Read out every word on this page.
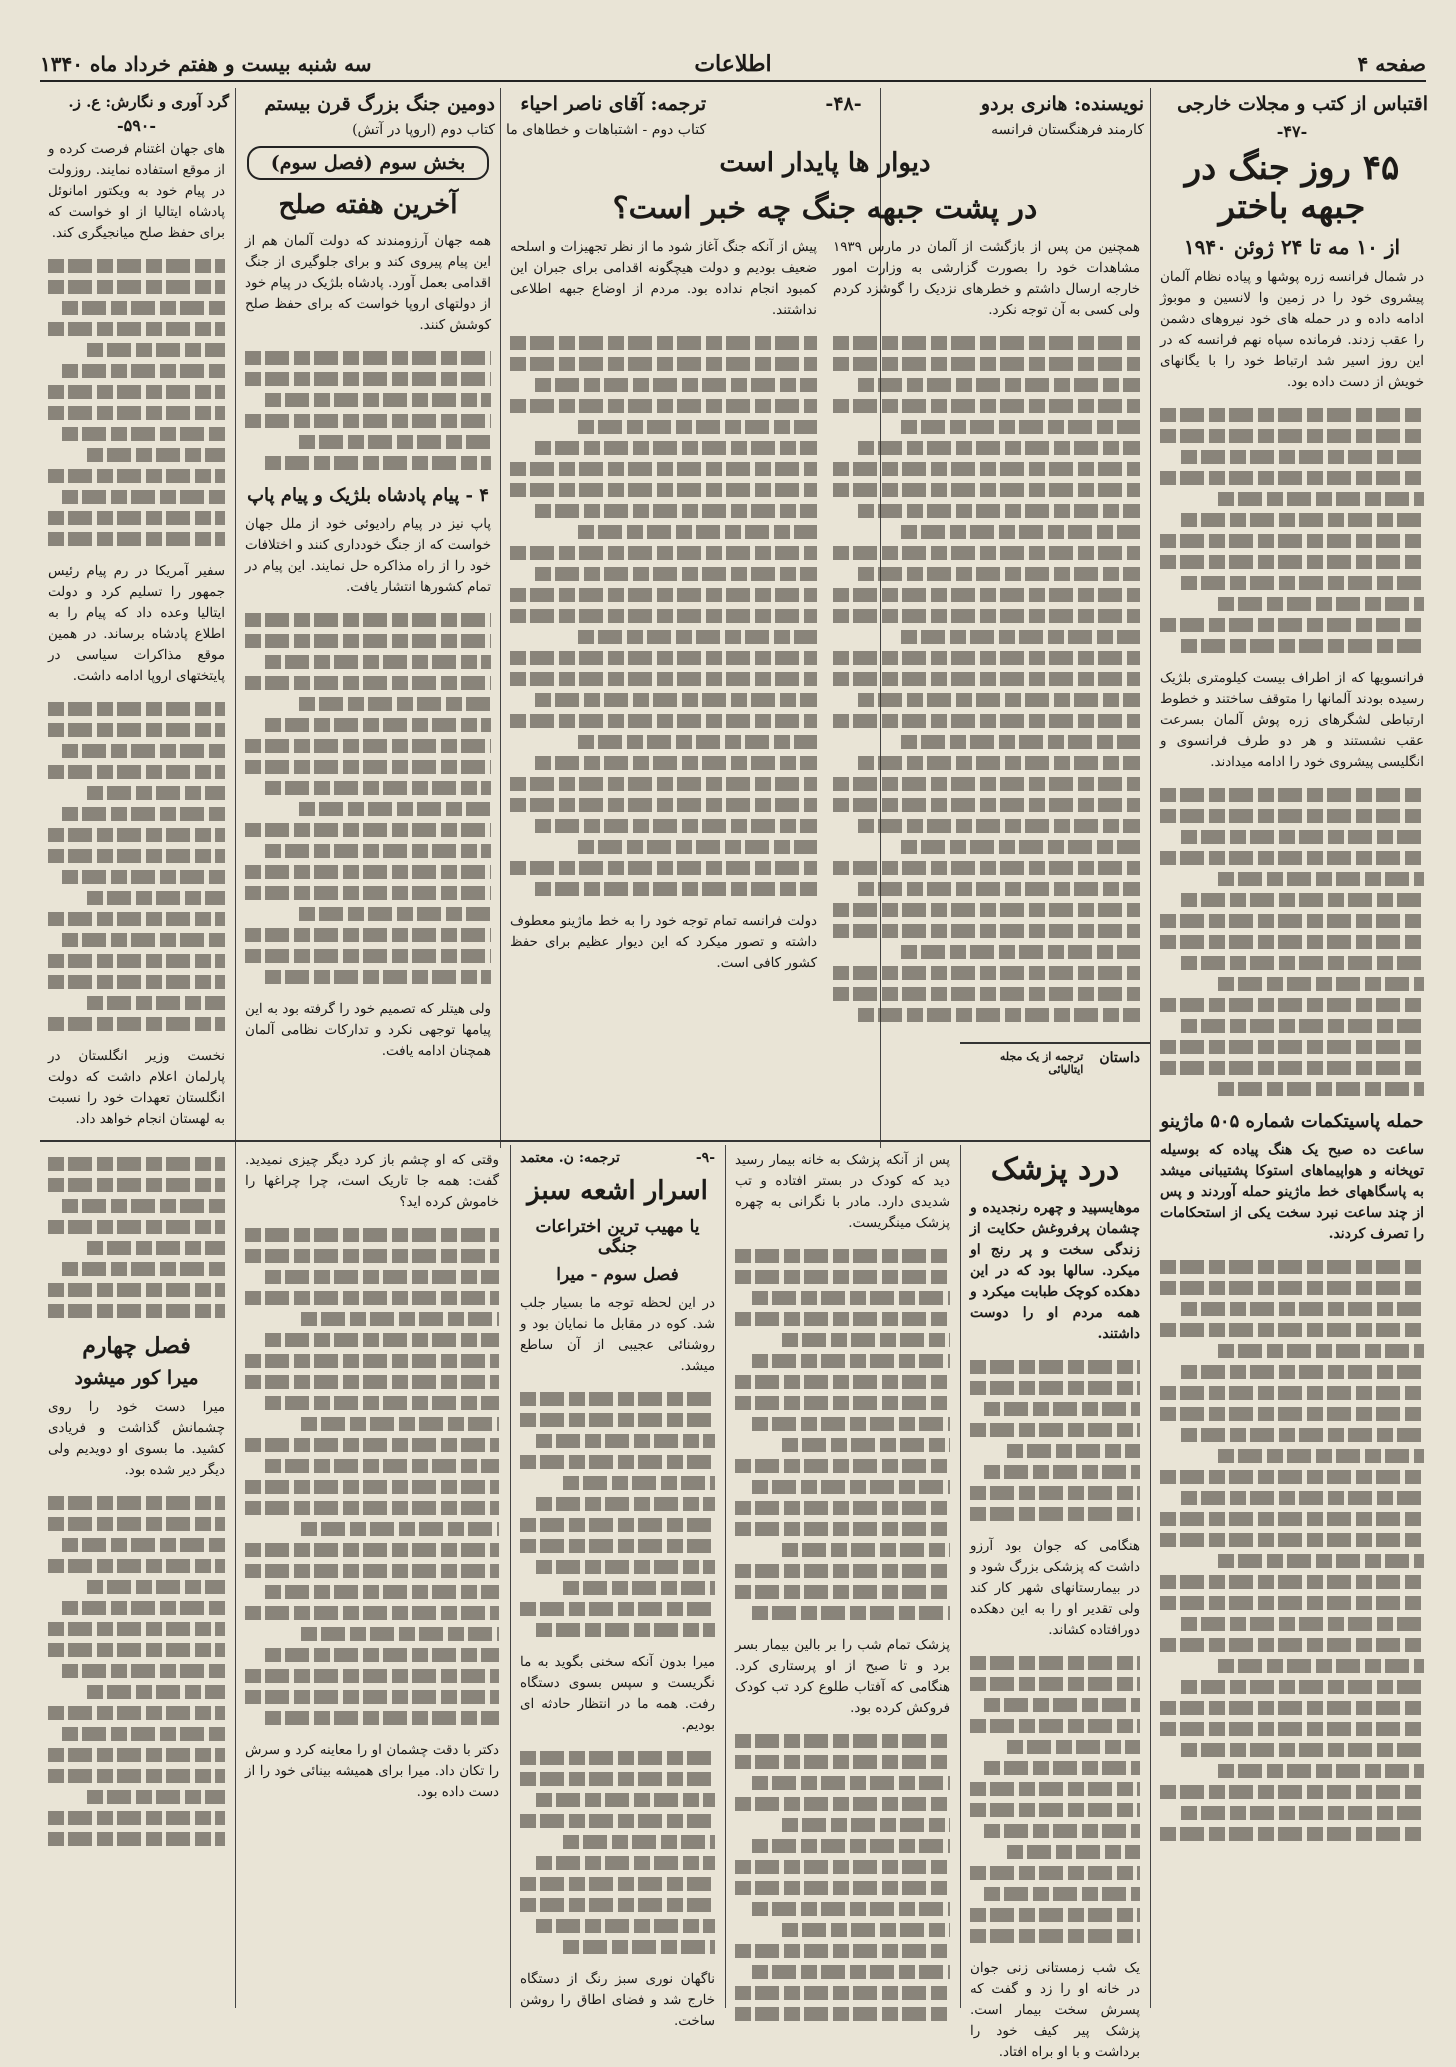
صفحه ۴
اطلاعات
سه شنبه بیست و هفتم خرداد ماه ۱۳۴۰
اقتباس از کتب و مجلات خارجی
-۴۷-
۴۵ روز جنگ در جبهه باختر
از ۱۰ مه تا ۲۴ ژوئن ۱۹۴۰

در شمال فرانسه زره پوشها و پیاده نظام آلمان پیشروی خود را در زمین وا لانسین و موبوژ ادامه داده و در حمله های خود نیروهای دشمن را عقب زدند. فرمانده سپاه نهم فرانسه که در این روز اسیر شد ارتباط خود را با یگانهای خویش از دست داده بود.

فرانسویها که از اطراف بیست کیلومتری بلژیک رسیده بودند آلمانها را متوقف ساختند و خطوط ارتباطی لشگرهای زره پوش آلمان بسرعت عقب نشستند و هر دو طرف فرانسوی و انگلیسی پیشروی خود را ادامه میدادند.

حمله پاسیتکمات شماره ۵۰۵ ماژینو

ساعت ده صبح یک هنگ پیاده که بوسیله توپخانه و هواپیماهای استوکا پشتیبانی میشد به پاسگاههای خط ماژینو حمله آوردند و پس از چند ساعت نبرد سخت یکی از استحکامات را تصرف کردند.

نویسنده: هانری بردو
کارمند فرهنگستان فرانسه
-۴۸-
ترجمه: آقای ناصر احیاء
کتاب دوم - اشتباهات و خطاهای ما
دیوار ها پایدار است
در پشت جبهه جنگ چه خبر است؟

همچنین من پس از بازگشت از آلمان در مارس ۱۹۳۹ مشاهدات خود را بصورت گزارشی به وزارت امور خارجه ارسال داشتم و خطرهای نزدیک را گوشزد کردم ولی کسی به آن توجه نکرد.

پیش از آنکه جنگ آغاز شود ما از نظر تجهیزات و اسلحه ضعیف بودیم و دولت هیچگونه اقدامی برای جبران این کمبود انجام نداده بود. مردم از اوضاع جبهه اطلاعی نداشتند.

دولت فرانسه تمام توجه خود را به خط ماژینو معطوف داشته و تصور میکرد که این دیوار عظیم برای حفظ کشور کافی است.

دومین جنگ بزرگ قرن بیستم
کتاب دوم (اروپا در آتش)
بخش سوم (فصل سوم)
آخرین هفته صلح

همه جهان آرزومندند که دولت آلمان هم از این پیام پیروی کند و برای جلوگیری از جنگ اقدامی بعمل آورد. پادشاه بلژیک در پیام خود از دولتهای اروپا خواست که برای حفظ صلح کوشش کنند.

۴ - پیام پادشاه بلژیک و پیام پاپ

پاپ نیز در پیام رادیوئی خود از ملل جهان خواست که از جنگ خودداری کنند و اختلافات خود را از راه مذاکره حل نمایند. این پیام در تمام کشورها انتشار یافت.

ولی هیتلر که تصمیم خود را گرفته بود به این پیامها توجهی نکرد و تدارکات نظامی آلمان همچنان ادامه یافت.

گرد آوری و نگارش: ع. ز.
-۵۹۰-

های جهان اغتنام فرصت کرده و از موقع استفاده نمایند. روزولت در پیام خود به ویکتور امانوئل پادشاه ایتالیا از او خواست که برای حفظ صلح میانجیگری کند.

سفیر آمریکا در رم پیام رئیس جمهور را تسلیم کرد و دولت ایتالیا وعده داد که پیام را به اطلاع پادشاه برساند. در همین موقع مذاکرات سیاسی در پایتختهای اروپا ادامه داشت.

نخست وزیر انگلستان در پارلمان اعلام داشت که دولت انگلستان تعهدات خود را نسبت به لهستان انجام خواهد داد.

داستان
ترجمه از یک مجله ایتالیائی
درد پزشک

موهایسپید و چهره رنجدیده و چشمان پرفروغش حکایت از زندگی سخت و پر رنج او میکرد. سالها بود که در این دهکده کوچک طبابت میکرد و همه مردم او را دوست داشتند.

هنگامی که جوان بود آرزو داشت که پزشکی بزرگ شود و در بیمارستانهای شهر کار کند ولی تقدیر او را به این دهکده دورافتاده کشاند.

یک شب زمستانی زنی جوان در خانه او را زد و گفت که پسرش سخت بیمار است. پزشک پیر کیف خود را برداشت و با او براه افتاد.

پس از آنکه پزشک به خانه بیمار رسید دید که کودک در بستر افتاده و تب شدیدی دارد. مادر با نگرانی به چهره پزشک مینگریست.

پزشک تمام شب را بر بالین بیمار بسر برد و تا صبح از او پرستاری کرد. هنگامی که آفتاب طلوع کرد تب کودک فروکش کرده بود.

-۹-
ترجمه: ن. معتمد
اسرار اشعه سبز
یا مهیب ترین اختراعات جنگی
فصل سوم - میرا

در این لحظه توجه ما بسیار جلب شد. کوه در مقابل ما نمایان بود و روشنائی عجیبی از آن ساطع میشد.

میرا بدون آنکه سخنی بگوید به ما نگریست و سپس بسوی دستگاه رفت. همه ما در انتظار حادثه ای بودیم.

ناگهان نوری سبز رنگ از دستگاه خارج شد و فضای اطاق را روشن ساخت.

وقتی که او چشم باز کرد دیگر چیزی نمیدید. گفت: همه جا تاریک است، چرا چراغها را خاموش کرده اید؟

دکتر با دقت چشمان او را معاینه کرد و سرش را تکان داد. میرا برای همیشه بینائی خود را از دست داده بود.

فصل چهارم
میرا کور میشود

میرا دست خود را روی چشمانش گذاشت و فریادی کشید. ما بسوی او دویدیم ولی دیگر دیر شده بود.
